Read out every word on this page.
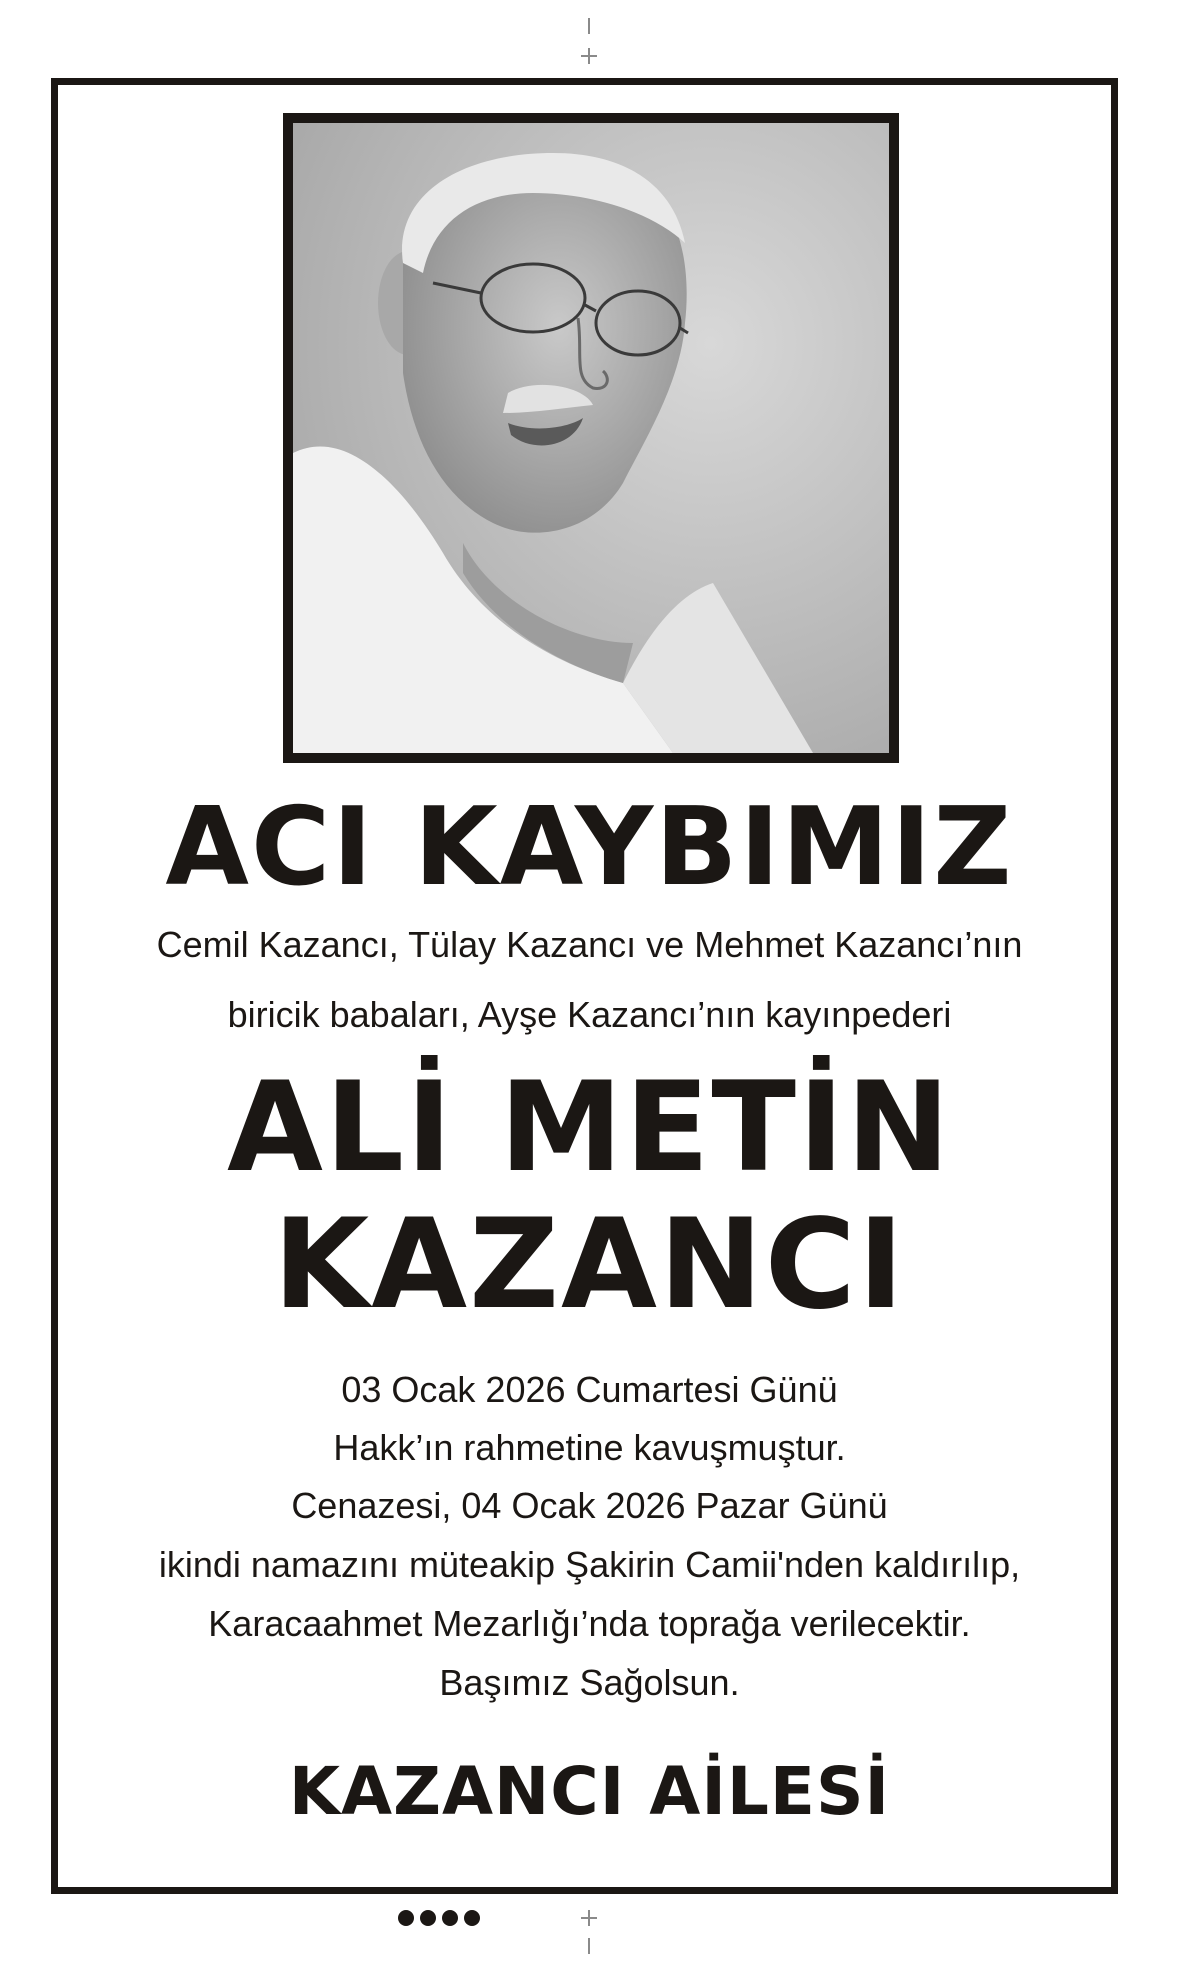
ACI KAYBIMIZ
Cemil Kazancı, Tülay Kazancı ve Mehmet Kazancı’nın
biricik babaları, Ayşe Kazancı’nın kayınpederi
ALİ METİN
KAZANCI
03 Ocak 2026 Cumartesi Günü
Hakk’ın rahmetine kavuşmuştur.
Cenazesi, 04 Ocak 2026 Pazar Günü
ikindi namazını müteakip Şakirin Camii'nden kaldırılıp,
Karacaahmet Mezarlığı’nda toprağa verilecektir.
Başımız Sağolsun.
KAZANCI AİLESİ
